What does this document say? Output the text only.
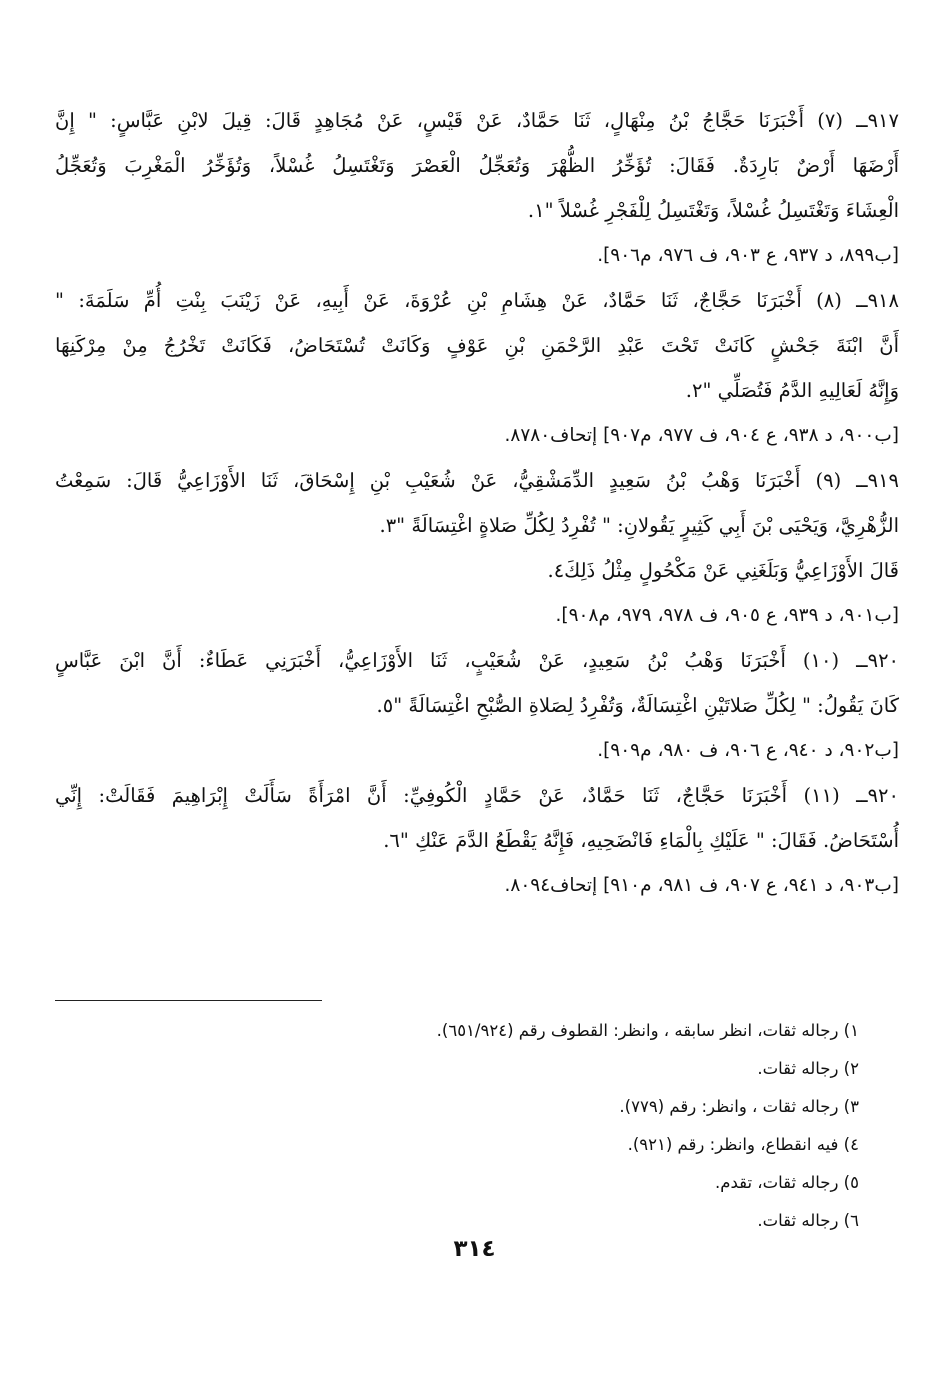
٩١٧ــ (٧) أَخْبَرَنَا حَجَّاجُ بْنُ مِنْهَالٍ، ثَنَا حَمَّادٌ، عَنْ قَيْسٍ، عَنْ مُجَاهِدٍ قَالَ: قِيلَ لابْنِ عَبَّاسٍ: " إِنَّ
أَرْضَهَا أَرْضٌ بَارِدَةٌ. فَقَالَ: تُؤَخِّرُ الظُّهْرَ وَتُعَجِّلُ الْعَصْرَ وَتَغْتَسِلُ غُسْلاً، وَتُؤَخِّرُ الْمَغْرِبَ وَتُعَجِّلُ
الْعِشَاءَ وَتَغْتَسِلُ غُسْلاً، وَتَغْتَسِلُ لِلْفَجْرِ غُسْلاً "١.
[ب٨٩٩، د ٩٣٧، ع ٩٠٣، ف ٩٧٦، م٩٠٦].
٩١٨ــ (٨) أَخْبَرَنَا حَجَّاجٌ، ثَنَا حَمَّادٌ، عَنْ هِشَامِ بْنِ عُرْوَةَ، عَنْ أَبِيهِ، عَنْ زَيْنَبَ بِنْتِ أُمِّ سَلَمَةَ: "
أَنَّ ابْنَةَ جَحْشٍ كَانَتْ تَحْتَ عَبْدِ الرَّحْمَنِ بْنِ عَوْفٍ وَكَانَتْ تُسْتَحَاضُ، فَكَانَتْ تَخْرُجُ مِنْ مِرْكَنِهَا
وَإِنَّهُ لَعَالِيهِ الدَّمُ فَتُصَلِّي "٢.
[ب٩٠٠، د ٩٣٨، ع ٩٠٤، ف ٩٧٧، م٩٠٧] إتحاف٨٧٨٠.
٩١٩ــ (٩) أَخْبَرَنَا وَهْبُ بْنُ سَعِيدٍ الدِّمَشْقِيُّ، عَنْ شُعَيْبِ بْنِ إِسْحَاقَ، ثَنَا الأَوْزَاعِيُّ قَالَ: سَمِعْتُ
الزُّهْرِيَّ، وَيَحْيَى بْنَ أَبِي كَثِيرٍ يَقُولانِ: " تُفْرِدُ لِكُلِّ صَلاةٍ اغْتِسَالَةً "٣.
قَالَ الأَوْزَاعِيُّ وَبَلَغَنِي عَنْ مَكْحُولٍ مِثْلُ ذَلِكَ٤.
[ب٩٠١، د ٩٣٩، ع ٩٠٥، ف ٩٧٨، ٩٧٩، م٩٠٨].
٩٢٠ــ (١٠) أَخْبَرَنَا وَهْبُ بْنُ سَعِيدٍ، عَنْ شُعَيْبٍ، ثَنَا الأَوْزَاعِيُّ، أَخْبَرَنِي عَطَاءٌ: أَنَّ ابْنَ عَبَّاسٍ
كَانَ يَقُولُ: " لِكُلِّ صَلاتَيْنِ اغْتِسَالَةٌ، وَتُفْرِدُ لِصَلاةِ الصُّبْحِ اغْتِسَالَةً "٥.
[ب٩٠٢، د ٩٤٠، ع ٩٠٦، ف ٩٨٠، م٩٠٩].
٩٢٠ــ (١١) أَخْبَرَنَا حَجَّاجٌ، ثَنَا حَمَّادٌ، عَنْ حَمَّادٍ الْكُوفِيِّ: أَنَّ امْرَأَةً سَأَلَتْ إِبْرَاهِيمَ فَقَالَتْ: إِنِّي
أُسْتَحَاضُ. فَقَالَ: " عَلَيْكِ بِالْمَاءِ فَانْضَحِيهِ، فَإِنَّهُ يَقْطَعُ الدَّمَ عَنْكِ "٦.
[ب٩٠٣، د ٩٤١، ع ٩٠٧، ف ٩٨١، م٩١٠] إتحاف٨٠٩٤.
١) رجاله ثقات، انظر سابقه ، وانظر: القطوف رقم (٦٥١/٩٢٤).
٢) رجاله ثقات.
٣) رجاله ثقات ، وانظر: رقم (٧٧٩).
٤) فيه انقطاع، وانظر: رقم (٩٢١).
٥) رجاله ثقات، تقدم.
٦) رجاله ثقات.
٣١٤
